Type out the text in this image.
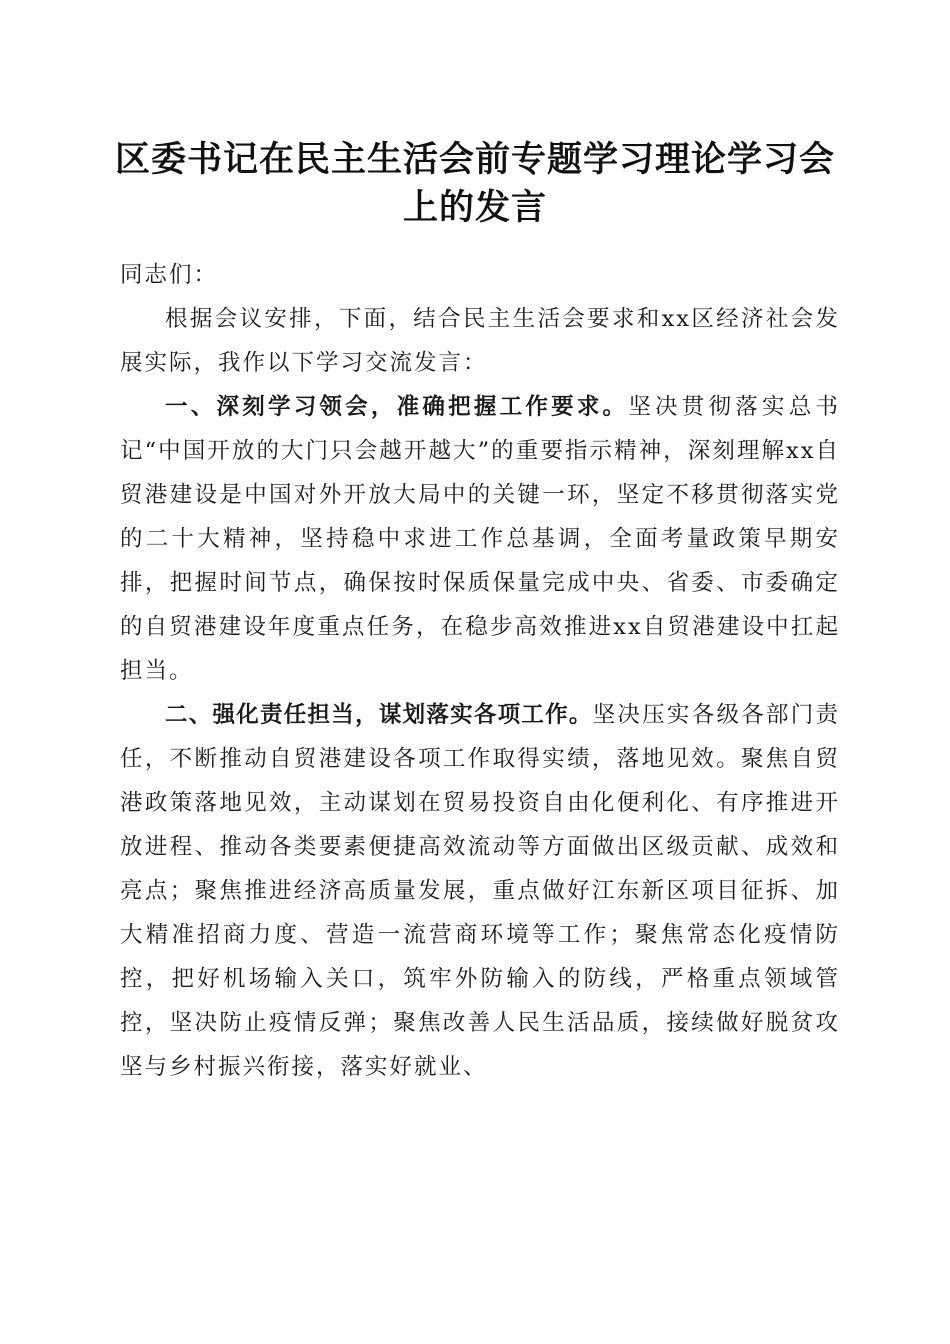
区委书记在民主生活会前专题学习理论学习会上的发言

同志们：

根据会议安排，下面，结合民主生活会要求和xx区经济社会发展实际，我作以下学习交流发言：

一、深刻学习领会，准确把握工作要求。坚决贯彻落实总书记“中国开放的大门只会越开越大”的重要指示精神，深刻理解xx自贸港建设是中国对外开放大局中的关键一环，坚定不移贯彻落实党的二十大精神，坚持稳中求进工作总基调，全面考量政策早期安排，把握时间节点，确保按时保质保量完成中央、省委、市委确定的自贸港建设年度重点任务，在稳步高效推进xx自贸港建设中扛起担当。

二、强化责任担当，谋划落实各项工作。坚决压实各级各部门责任，不断推动自贸港建设各项工作取得实绩，落地见效。聚焦自贸港政策落地见效，主动谋划在贸易投资自由化便利化、有序推进开放进程、推动各类要素便捷高效流动等方面做出区级贡献、成效和亮点；聚焦推进经济高质量发展，重点做好江东新区项目征拆、加大精准招商力度、营造一流营商环境等工作；聚焦常态化疫情防控，把好机场输入关口，筑牢外防输入的防线，严格重点领域管控，坚决防止疫情反弹；聚焦改善人民生活品质，接续做好脱贫攻坚与乡村振兴衔接，落实好就业、
